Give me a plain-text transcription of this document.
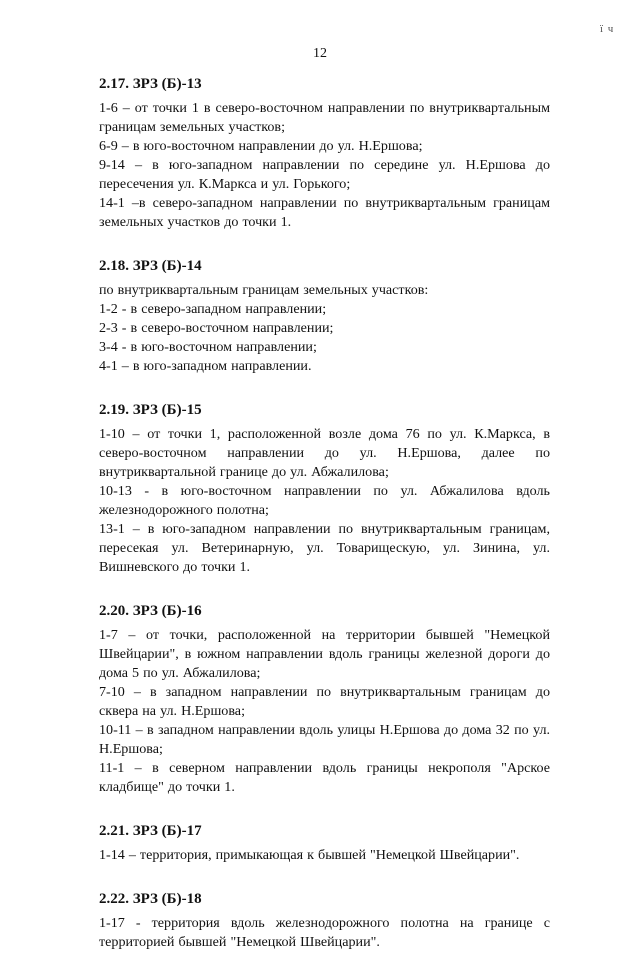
ї ч
12

2.17. ЗРЗ (Б)-13

1-6 – от точки 1 в северо-восточном направлении по внутриквартальным границам земельных участков;

6-9 – в юго-восточном направлении до ул. Н.Ершова;

9-14 – в юго-западном направлении по середине ул. Н.Ершова до пересечения ул. К.Маркса и ул. Горького;

14-1 –в северо-западном направлении по внутриквартальным границам земельных участков до точки 1.

2.18. ЗРЗ (Б)-14

по внутриквартальным границам земельных участков:

1-2 - в северо-западном направлении;

2-3 - в северо-восточном направлении;

3-4 - в юго-восточном направлении;

4-1 – в юго-западном направлении.

2.19. ЗРЗ (Б)-15

1-10 – от точки 1, расположенной возле дома 76 по ул. К.Маркса, в северо-восточном направлении до ул. Н.Ершова, далее по внутриквартальной границе до ул. Абжалилова;

10-13 - в юго-восточном направлении по ул. Абжалилова вдоль железнодорожного полотна;

13-1 – в юго-западном направлении по внутриквартальным границам, пересекая ул. Ветеринарную, ул. Товарищескую, ул. Зинина, ул. Вишневского до точки 1.

2.20. ЗРЗ (Б)-16

1-7 – от точки, расположенной на территории бывшей "Немецкой Швейцарии", в южном направлении вдоль границы железной дороги до дома 5 по ул. Абжалилова;

7-10 – в западном направлении по внутриквартальным границам до сквера на ул. Н.Ершова;

10-11 – в западном направлении вдоль улицы Н.Ершова до дома 32 по ул. Н.Ершова;

11-1 – в северном направлении вдоль границы некрополя "Арское кладбище" до точки 1.

2.21. ЗРЗ (Б)-17

1-14 – территория, примыкающая к бывшей "Немецкой Швейцарии".

2.22. ЗРЗ (Б)-18

1-17 - территория вдоль железнодорожного полотна на границе с территорией бывшей "Немецкой Швейцарии".
